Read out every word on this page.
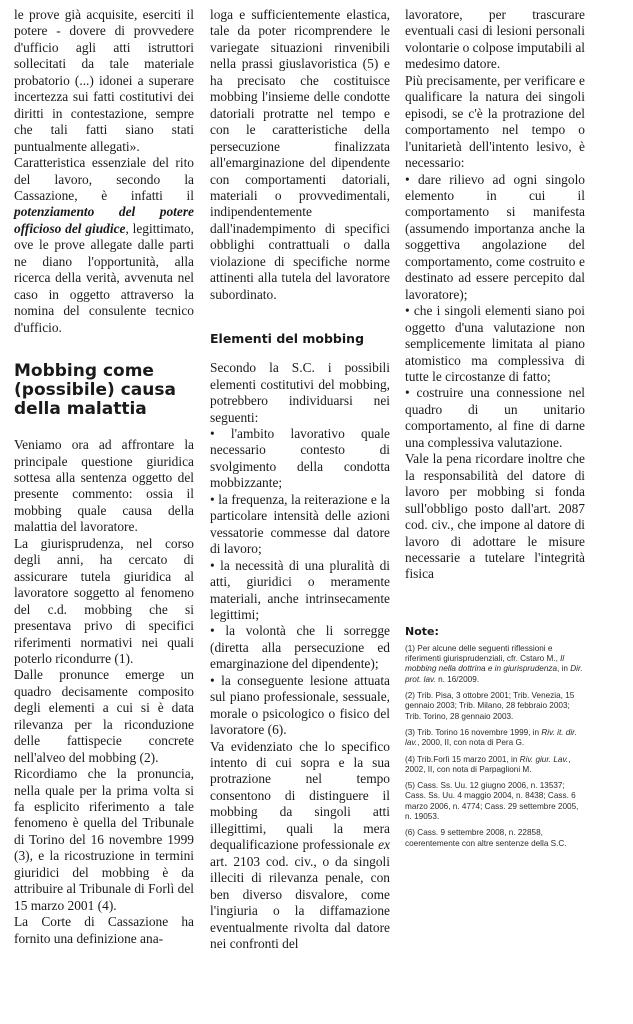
le prove già acquisite, eserciti il potere - dovere di provvedere d'ufficio agli atti istruttori sollecitati da tale materiale probatorio (...) idonei a superare incertezza sui fatti costitutivi dei diritti in contestazione, sempre che tali fatti siano stati puntualmente allegati».

Caratteristica essenziale del rito del lavoro, secondo la Cassazione, è infatti il potenziamento del potere officioso del giudice, legittimato, ove le prove allegate dalle parti ne diano l'opportunità, alla ricerca della verità, avvenuta nel caso in oggetto attraverso la nomina del consulente tecnico d'ufficio.

Mobbing come (possibile) causa della malattia

Veniamo ora ad affrontare la principale questione giuridica sottesa alla sentenza oggetto del presente commento: ossia il mobbing quale causa della malattia del lavoratore.

La giurisprudenza, nel corso degli anni, ha cercato di assicurare tutela giuridica al lavoratore soggetto al fenomeno del c.d. mobbing che si presentava privo di specifici riferimenti normativi nei quali poterlo ricondurre (1).

Dalle pronunce emerge un quadro decisamente composito degli elementi a cui si è data rilevanza per la riconduzione delle fattispecie concrete nell'alveo del mobbing (2).

Ricordiamo che la pronuncia, nella quale per la prima volta si fa esplicito riferimento a tale fenomeno è quella del Tribunale di Torino del 16 novembre 1999 (3), e la ricostruzione in termini giuridici del mobbing è da attribuire al Tribunale di Forlì del 15 marzo 2001 (4).

La Corte di Cassazione ha fornito una definizione ana-

loga e sufficientemente elastica, tale da poter ricomprendere le variegate situazioni rinvenibili nella prassi giuslavoristica (5) e ha precisato che costituisce mobbing l'insieme delle condotte datoriali protratte nel tempo e con le caratteristiche della persecuzione finalizzata all'emarginazione del dipendente con comportamenti datoriali, materiali o provvedimentali, indipendentemente dall'inadempimento di specifici obblighi contrattuali o dalla violazione di specifiche norme attinenti alla tutela del lavoratore subordinato.

Elementi del mobbing

Secondo la S.C. i possibili elementi costitutivi del mobbing, potrebbero individuarsi nei seguenti:

• l'ambito lavorativo quale necessario contesto di svolgimento della condotta mobbizzante;

• la frequenza, la reiterazione e la particolare intensità delle azioni vessatorie commesse dal datore di lavoro;

• la necessità di una pluralità di atti, giuridici o meramente materiali, anche intrinsecamente legittimi;

• la volontà che li sorregge (diretta alla persecuzione ed emarginazione del dipendente);

• la conseguente lesione attuata sul piano professionale, sessuale, morale o psicologico o fisico del lavoratore (6).

Va evidenziato che lo specifico intento di cui sopra e la sua protrazione nel tempo consentono di distinguere il mobbing da singoli atti illegittimi, quali la mera dequalificazione professionale ex art. 2103 cod. civ., o da singoli illeciti di rilevanza penale, con ben diverso disvalore, come l'ingiuria o la diffamazione eventualmente rivolta dal datore nei confronti del

lavoratore, per trascurare eventuali casi di lesioni personali volontarie o colpose imputabili al medesimo datore.

Più precisamente, per verificare e qualificare la natura dei singoli episodi, se c'è la protrazione del comportamento nel tempo o l'unitarietà dell'intento lesivo, è necessario:

• dare rilievo ad ogni singolo elemento in cui il comportamento si manifesta (assumendo importanza anche la soggettiva angolazione del comportamento, come costruito e destinato ad essere percepito dal lavoratore);

• che i singoli elementi siano poi oggetto d'una valutazione non semplicemente limitata al piano atomistico ma complessiva di tutte le circostanze di fatto;

• costruire una connessione nel quadro di un unitario comportamento, al fine di darne una complessiva valutazione.

Vale la pena ricordare inoltre che la responsabilità del datore di lavoro per mobbing si fonda sull'obbligo posto dall'art. 2087 cod. civ., che impone al datore di lavoro di adottare le misure necessarie a tutelare l'integrità fisica

Note:

(1) Per alcune delle seguenti riflessioni e riferimenti giurisprudenziali, cfr. Cstaro M., Il mobbing nella dottrina e in giurisprudenza, in Dir. prot. lav. n. 16/2009.

(2) Trib. Pisa, 3 ottobre 2001; Trib. Venezia, 15 gennaio 2003; Trib. Milano, 28 febbraio 2003; Trib. Torino, 28 gennaio 2003.

(3) Trib. Torino 16 novembre 1999, in Riv. it. dir. lav., 2000, II, con nota di Pera G.

(4) Trib.Forlì 15 marzo 2001, in Riv. giur. Lav., 2002, II, con nota di Parpaglioni M.

(5) Cass. Ss. Uu. 12 giugno 2006, n. 13537; Cass. Ss. Uu. 4 maggio 2004, n. 8438; Cass. 6 marzo 2006, n. 4774; Cass. 29 settembre 2005, n. 19053.

(6) Cass. 9 settembre 2008, n. 22858, coerentemente con altre sentenze della S.C.
